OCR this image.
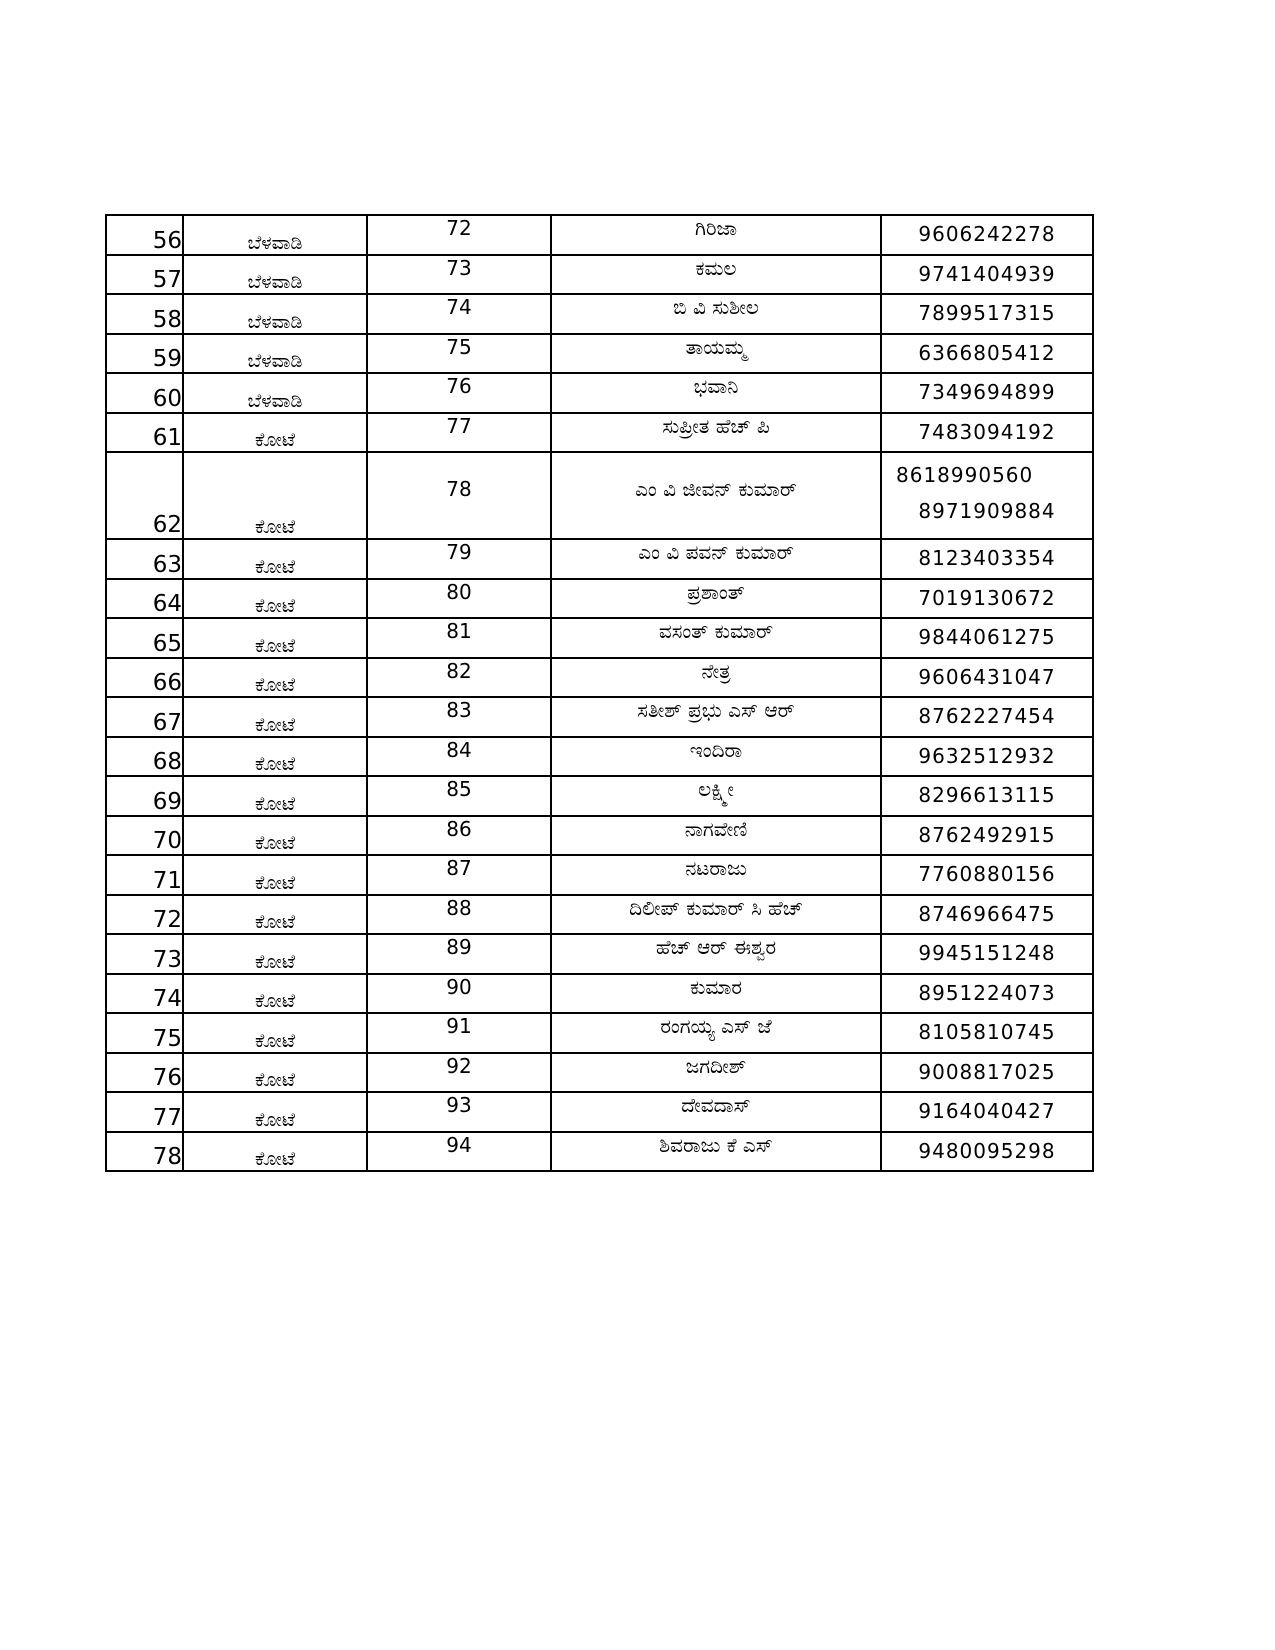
56	ಬೆಳವಾಡಿ	72	ಗಿರಿಜಾ	9606242278

57	ಬೆಳವಾಡಿ	73	ಕಮಲ	9741404939

58	ಬೆಳವಾಡಿ	74	ಬಿ ವಿ ಸುಶೀಲ	7899517315

59	ಬೆಳವಾಡಿ	75	ತಾಯಮ್ಮ	6366805412

60	ಬೆಳವಾಡಿ	76	ಭವಾನಿ	7349694899

61	ಕೋಟೆ	77	ಸುಪ್ರೀತ ಹೆಚ್ ಪಿ	7483094192

62	ಕೋಟೆ	78	ಎಂ ವಿ ಜೀವನ್ ಕುಮಾರ್	8618990560
8971909884

63	ಕೋಟೆ	79	ಎಂ ವಿ ಪವನ್ ಕುಮಾರ್	8123403354

64	ಕೋಟೆ	80	ಪ್ರಶಾಂತ್	7019130672

65	ಕೋಟೆ	81	ವಸಂತ್ ಕುಮಾರ್	9844061275

66	ಕೋಟೆ	82	ನೇತ್ರ	9606431047

67	ಕೋಟೆ	83	ಸತೀಶ್ ಪ್ರಭು ಎಸ್ ಆರ್	8762227454

68	ಕೋಟೆ	84	ಇಂದಿರಾ	9632512932

69	ಕೋಟೆ	85	ಲಕ್ಷ್ಮೀ	8296613115

70	ಕೋಟೆ	86	ನಾಗವೇಣಿ	8762492915

71	ಕೋಟೆ	87	ನಟರಾಜು	7760880156

72	ಕೋಟೆ	88	ದಿಲೀಪ್ ಕುಮಾರ್ ಸಿ ಹೆಚ್	8746966475

73	ಕೋಟೆ	89	ಹೆಚ್ ಆರ್ ಈಶ್ವರ	9945151248

74	ಕೋಟೆ	90	ಕುಮಾರ	8951224073

75	ಕೋಟೆ	91	ರಂಗಯ್ಯ ಎಸ್ ಜೆ	8105810745

76	ಕೋಟೆ	92	ಜಗದೀಶ್	9008817025

77	ಕೋಟೆ	93	ದೇವದಾಸ್	9164040427

78	ಕೋಟೆ	94	ಶಿವರಾಜು ಕೆ ಎಸ್	9480095298
